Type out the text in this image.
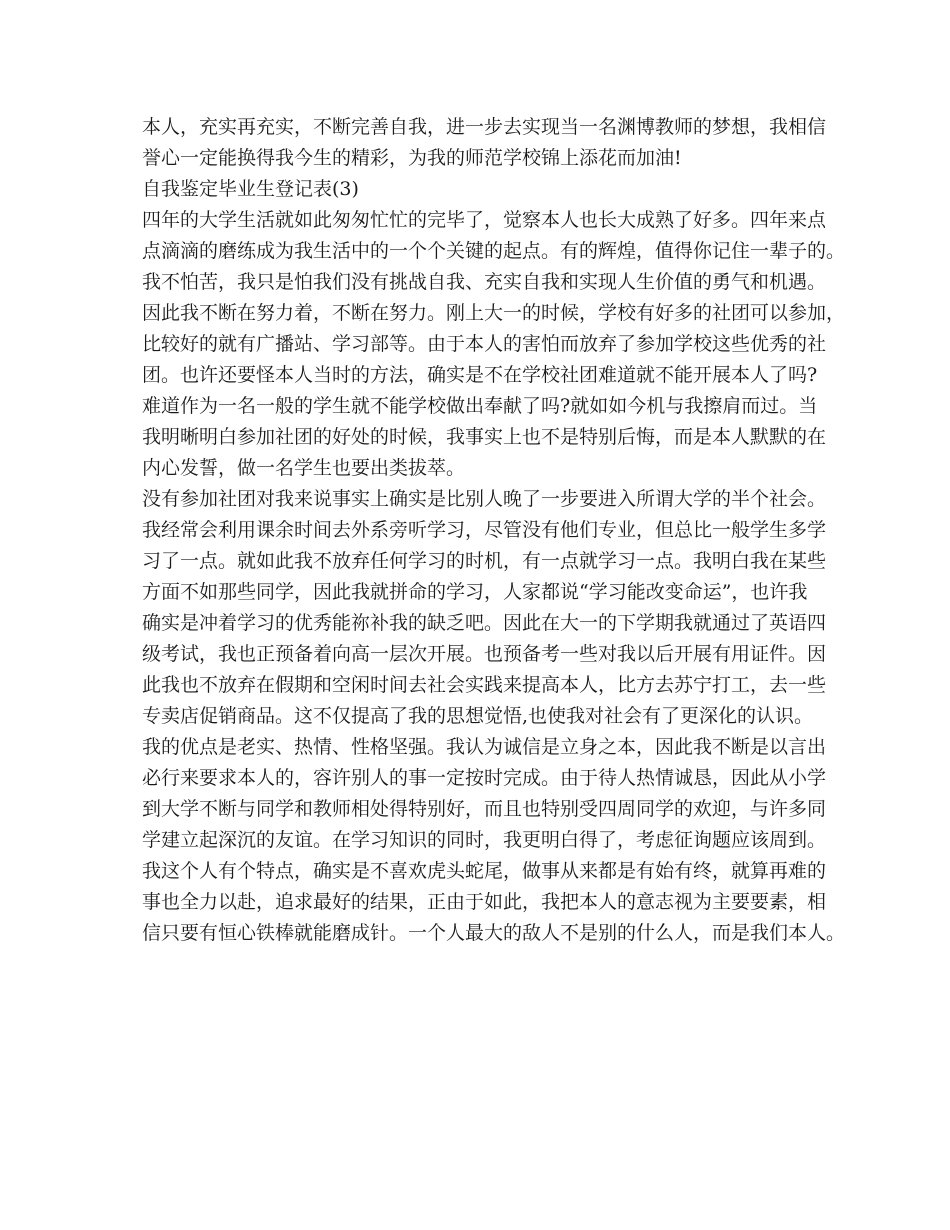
本人，充实再充实，不断完善自我，进一步去实现当一名渊博教师的梦想，我相信
誉心一定能换得我今生的精彩，为我的师范学校锦上添花而加油!
自我鉴定毕业生登记表(3)
四年的大学生活就如此匆匆忙忙的完毕了，觉察本人也长大成熟了好多。四年来点
点滴滴的磨练成为我生活中的一个个关键的起点。有的辉煌，值得你记住一辈子的。
我不怕苦，我只是怕我们没有挑战自我、充实自我和实现人生价值的勇气和机遇。
因此我不断在努力着，不断在努力。刚上大一的时候，学校有好多的社团可以参加，
比较好的就有广播站、学习部等。由于本人的害怕而放弃了参加学校这些优秀的社
团。也许还要怪本人当时的方法，确实是不在学校社团难道就不能开展本人了吗?
难道作为一名一般的学生就不能学校做出奉献了吗?就如如今机与我擦肩而过。当
我明晰明白参加社团的好处的时候，我事实上也不是特别后悔，而是本人默默的在
内心发誓，做一名学生也要出类拔萃。
没有参加社团对我来说事实上确实是比别人晚了一步要进入所谓大学的半个社会。
我经常会利用课余时间去外系旁听学习，尽管没有他们专业，但总比一般学生多学
习了一点。就如此我不放弃任何学习的时机，有一点就学习一点。我明白我在某些
方面不如那些同学，因此我就拼命的学习，人家都说“学习能改变命运”，也许我
确实是冲着学习的优秀能祢补我的缺乏吧。因此在大一的下学期我就通过了英语四
级考试，我也正预备着向高一层次开展。也预备考一些对我以后开展有用证件。因
此我也不放弃在假期和空闲时间去社会实践来提高本人，比方去苏宁打工，去一些
专卖店促销商品。这不仅提高了我的思想觉悟,也使我对社会有了更深化的认识。
我的优点是老实、热情、性格坚强。我认为诚信是立身之本，因此我不断是以言出
必行来要求本人的，容许别人的事一定按时完成。由于待人热情诚恳，因此从小学
到大学不断与同学和教师相处得特别好，而且也特别受四周同学的欢迎，与许多同
学建立起深沉的友谊。在学习知识的同时，我更明白得了，考虑征询题应该周到。
我这个人有个特点，确实是不喜欢虎头蛇尾，做事从来都是有始有终，就算再难的
事也全力以赴，追求最好的结果，正由于如此，我把本人的意志视为主要要素，相
信只要有恒心铁棒就能磨成针。一个人最大的敌人不是别的什么人，而是我们本人。
